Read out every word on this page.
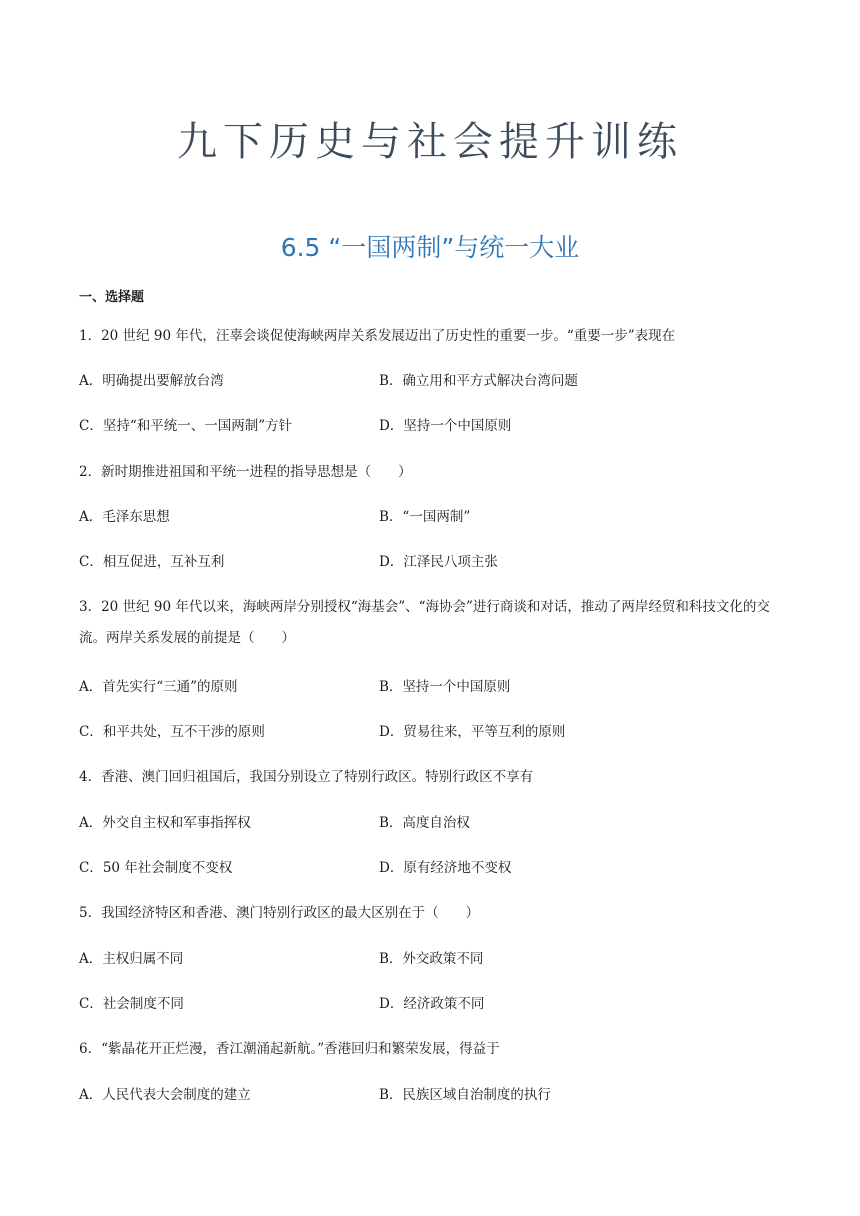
九下历史与社会提升训练
6.5 “一国两制”与统一大业
一、选择题
1．20 世纪 90 年代，汪辜会谈促使海峡两岸关系发展迈出了历史性的重要一步。“重要一步”表现在
A．明确提出要解放台湾	B．确立用和平方式解决台湾问题
C．坚持“和平统一、一国两制”方针	D．坚持一个中国原则
2．新时期推进祖国和平统一进程的指导思想是（　　）
A．毛泽东思想	B．“一国两制”
C．相互促进，互补互利	D．江泽民八项主张
3．20 世纪 90 年代以来，海峡两岸分别授权“海基会”、“海协会”进行商谈和对话，推动了两岸经贸和科技文化的交流。两岸关系发展的前提是（　　）
A．首先实行“三通”的原则	B．坚持一个中国原则
C．和平共处，互不干涉的原则	D．贸易往来，平等互利的原则
4．香港、澳门回归祖国后，我国分别设立了特别行政区。特别行政区不享有
A．外交自主权和军事指挥权	B．高度自治权
C．50 年社会制度不变权	D．原有经济地不变权
5．我国经济特区和香港、澳门特别行政区的最大区别在于（　　）
A．主权归属不同	B．外交政策不同
C．社会制度不同	D．经济政策不同
6．“紫晶花开正烂漫，香江潮涌起新航。”香港回归和繁荣发展，得益于
A．人民代表大会制度的建立	B．民族区域自治制度的执行
